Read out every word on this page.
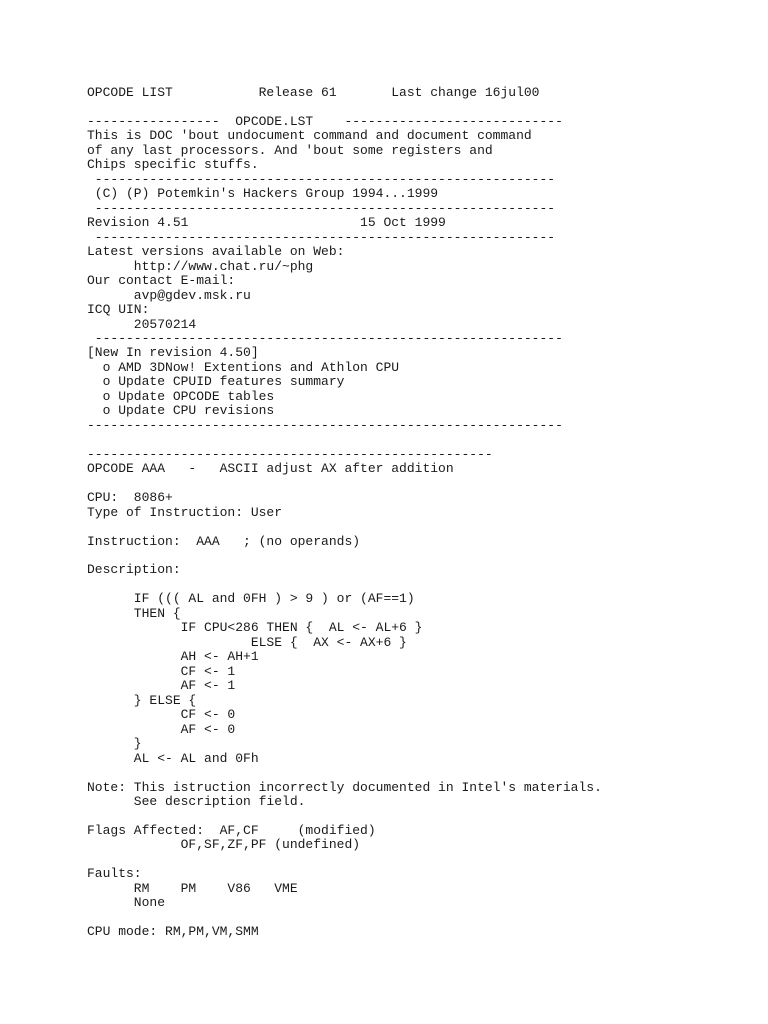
OPCODE LIST           Release 61       Last change 16jul00
-----------------  OPCODE.LST    ----------------------------
This is DOC 'bout undocument command and document command
of any last processors. And 'bout some registers and
Chips specific stuffs.
-----------------------------------------------------------
(C) (P) Potemkin's Hackers Group 1994...1999
-----------------------------------------------------------
Revision 4.51                      15 Oct 1999
-----------------------------------------------------------
Latest versions available on Web:
http://www.chat.ru/~phg
Our contact E-mail:
avp@gdev.msk.ru
ICQ UIN:
20570214
------------------------------------------------------------
[New In revision 4.50]
o AMD 3DNow! Extentions and Athlon CPU
o Update CPUID features summary
o Update OPCODE tables
o Update CPU revisions
-------------------------------------------------------------
----------------------------------------------------
OPCODE AAA   -   ASCII adjust AX after addition
CPU:  8086+
Type of Instruction: User
Instruction:  AAA   ; (no operands)
Description:
IF ((( AL and 0FH ) > 9 ) or (AF==1)
THEN {
IF CPU<286 THEN {  AL <- AL+6 }
ELSE {  AX <- AX+6 }
AH <- AH+1
CF <- 1
AF <- 1
} ELSE {
CF <- 0
AF <- 0
}
AL <- AL and 0Fh
Note: This istruction incorrectly documented in Intel's materials.
See description field.
Flags Affected:  AF,CF     (modified)
OF,SF,ZF,PF (undefined)
Faults:
RM    PM    V86   VME
None
CPU mode: RM,PM,VM,SMM
